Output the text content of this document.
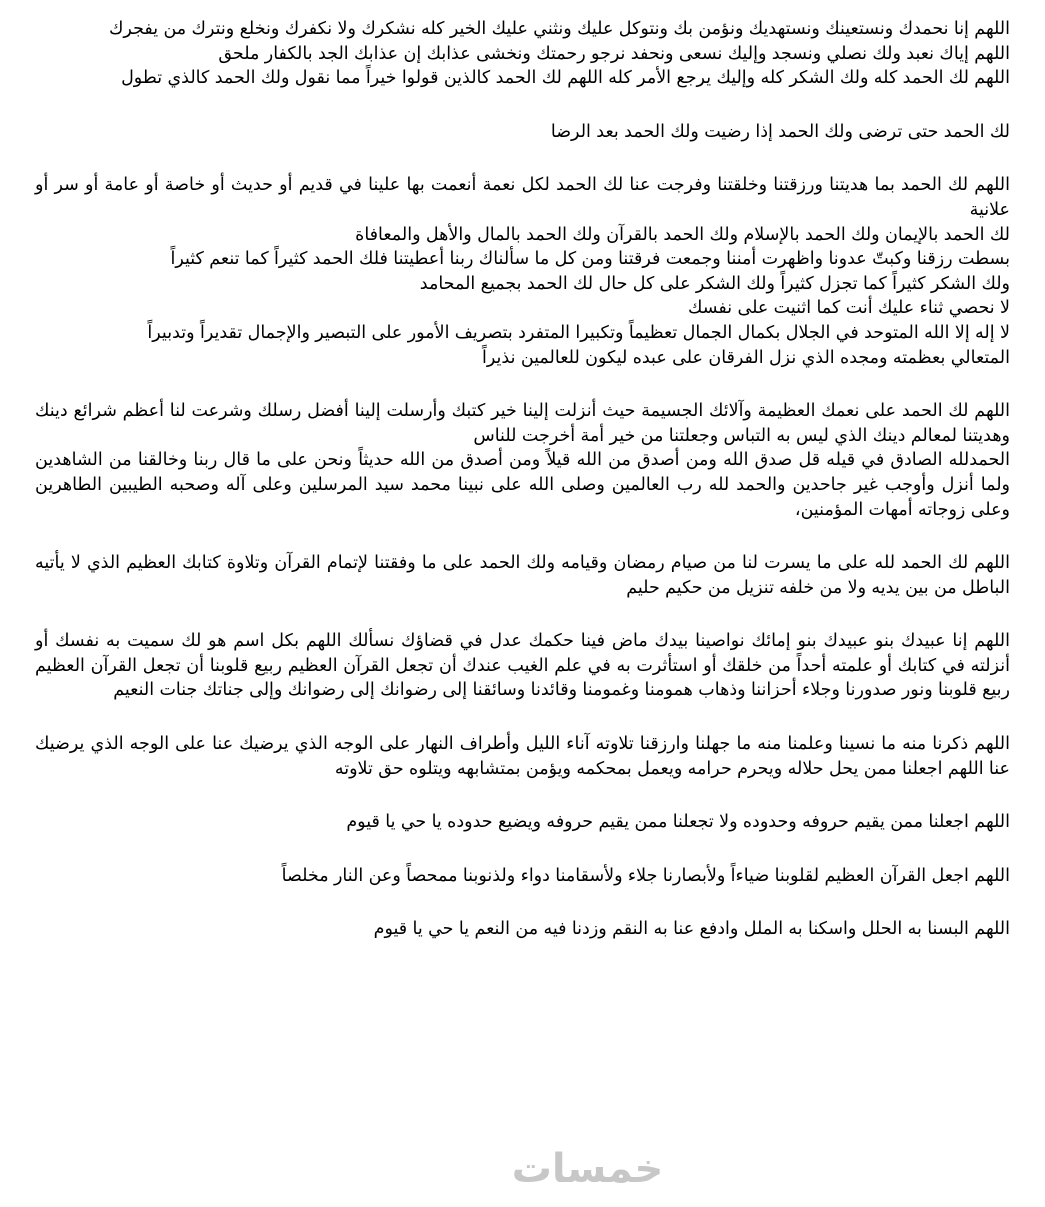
خمسات

اللهم إنا نحمدك ونستعينك ونستهديك ونؤمن بك ونتوكل عليك ونثني عليك الخير كله نشكرك ولا نكفرك ونخلع ونترك من يفجرك
اللهم إياك نعبد ولك نصلي ونسجد وإليك نسعى ونحفد نرجو رحمتك ونخشى عذابك إن عذابك الجد بالكفار ملحق
اللهم لك الحمد كله ولك الشكر كله وإليك يرجع الأمر كله اللهم لك الحمد كالذين قولوا خيراً مما نقول ولك الحمد كالذي تطول

لك الحمد حتى ترضى ولك الحمد إذا رضيت ولك الحمد بعد الرضا

اللهم لك الحمد بما هديتنا ورزقتنا وخلقتنا وفرجت عنا لك الحمد لكل نعمة أنعمت بها علينا في قديم أو حديث أو خاصة أو عامة أو سر أو علانية
لك الحمد بالإيمان ولك الحمد بالإسلام ولك الحمد بالقرآن ولك الحمد بالمال والأهل والمعافاة
بسطت رزقنا وكبتّ عدونا واظهرت أمننا وجمعت فرقتنا ومن كل ما سألناك ربنا أعطيتنا فلك الحمد كثيراً كما تنعم كثيراً
ولك الشكر كثيراً كما تجزل كثيراً ولك الشكر على كل حال لك الحمد بجميع المحامد
لا نحصي ثناء عليك أنت كما اثنيت على نفسك
لا إله إلا الله المتوحد في الجلال بكمال الجمال تعظيماً وتكبيرا المتفرد بتصريف الأمور على التبصير والإجمال تقديراً وتدبيراً
المتعالي بعظمته ومجده الذي نزل الفرقان على عبده ليكون للعالمين نذيراً

اللهم لك الحمد على نعمك العظيمة وآلائك الجسيمة حيث أنزلت إلينا خير كتبك وأرسلت إلينا أفضل رسلك وشرعت لنا أعظم شرائع دينك وهديتنا لمعالم دينك الذي ليس به التباس وجعلتنا من خير أمة أخرجت للناس
الحمدلله الصادق في قيله قل صدق الله ومن أصدق من الله قيلاً ومن أصدق من الله حديثاً ونحن على ما قال ربنا وخالقنا من الشاهدين ولما أنزل وأوجب غير جاحدين والحمد لله رب العالمين وصلى الله على نبينا محمد سيد المرسلين وعلى آله وصحبه الطيبين الطاهرين وعلى زوجاته أمهات المؤمنين،

اللهم لك الحمد لله على ما يسرت لنا من صيام رمضان وقيامه ولك الحمد على ما وفقتنا لإتمام القرآن وتلاوة كتابك العظيم الذي لا يأتيه الباطل من بين يديه ولا من خلفه تنزيل من حكيم حليم

اللهم إنا عبيدك بنو عبيدك بنو إمائك نواصينا بيدك ماض فينا حكمك عدل في قضاؤك نسألك اللهم بكل اسم هو لك سميت به نفسك أو أنزلته في كتابك أو علمته أحداً من خلقك أو استأثرت به في علم الغيب عندك أن تجعل القرآن العظيم ربيع قلوبنا أن تجعل القرآن العظيم ربيع قلوبنا ونور صدورنا وجلاء أحزاننا وذهاب همومنا وغمومنا وقائدنا وسائقنا إلى رضوانك إلى رضوانك وإلى جناتك جنات النعيم

اللهم ذكرنا منه ما نسينا وعلمنا منه ما جهلنا وارزقنا تلاوته آناء الليل وأطراف النهار على الوجه الذي يرضيك عنا على الوجه الذي يرضيك عنا اللهم اجعلنا ممن يحل حلاله ويحرم حرامه ويعمل بمحكمه ويؤمن بمتشابهه ويتلوه حق تلاوته

اللهم اجعلنا ممن يقيم حروفه وحدوده ولا تجعلنا ممن يقيم حروفه ويضيع حدوده يا حي يا قيوم

اللهم اجعل القرآن العظيم لقلوبنا ضياءاً ولأبصارنا جلاء ولأسقامنا دواء ولذنوبنا ممحصاً وعن النار مخلصاً

اللهم البسنا به الحلل واسكنا به الملل وادفع عنا به النقم وزدنا فيه من النعم يا حي يا قيوم
